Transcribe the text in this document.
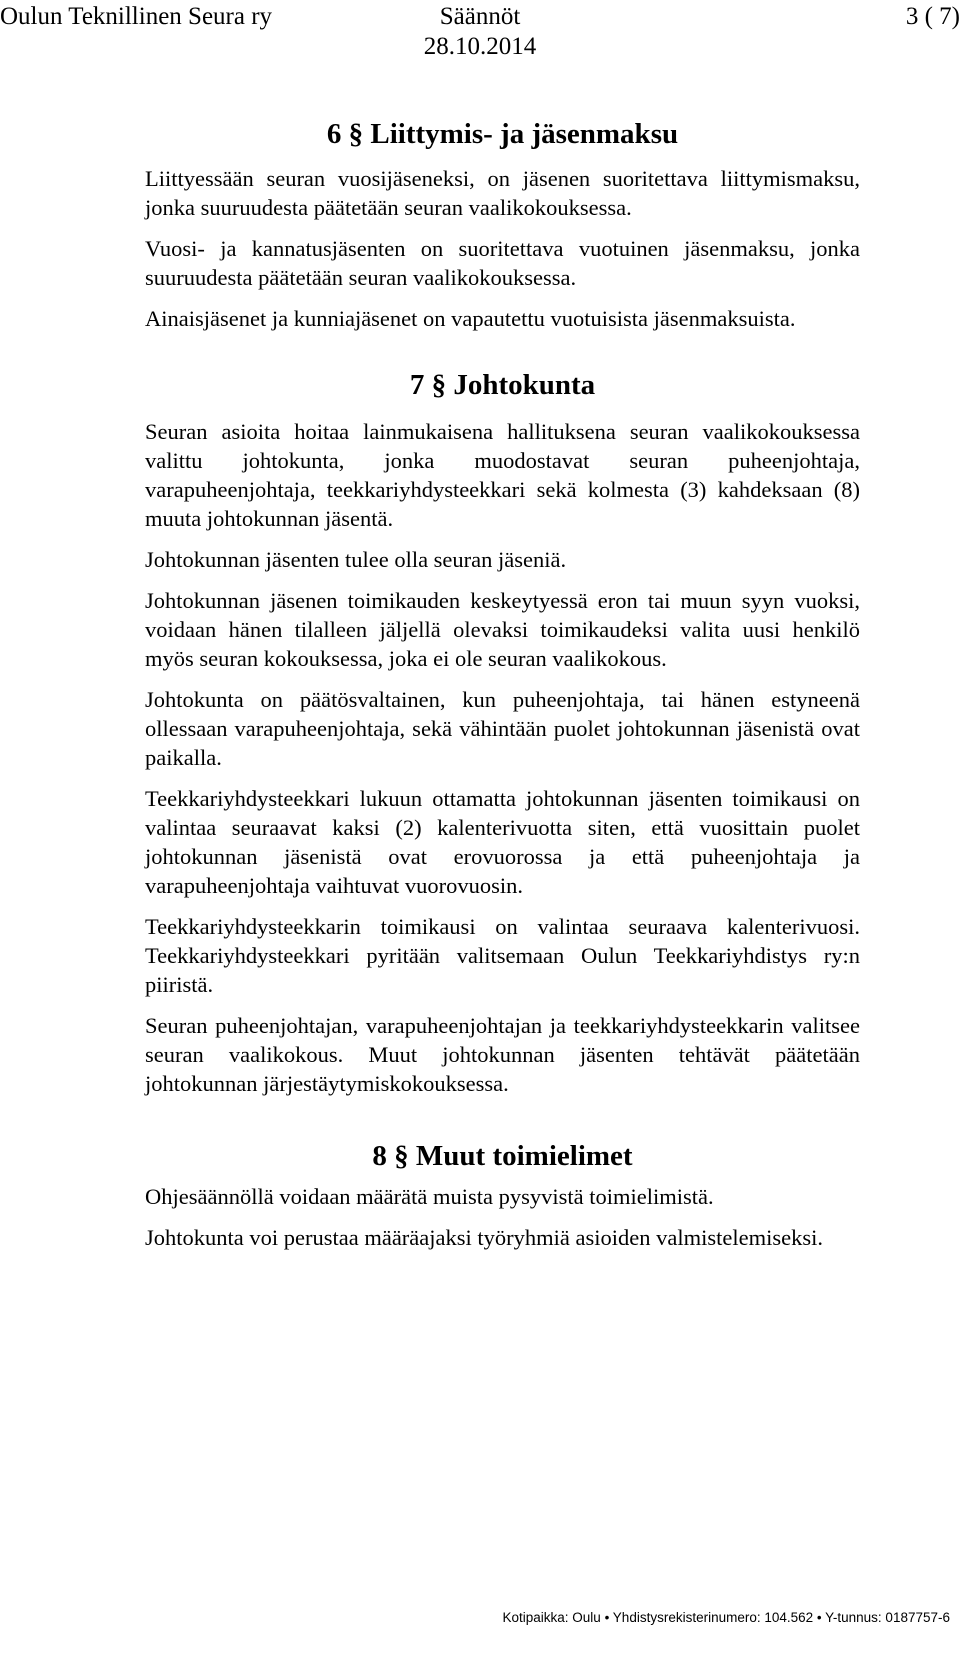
Oulun Teknillinen Seura ry	Säännöt
28.10.2014
3 ( 7)
6 § Liittymis- ja jäsenmaksu

Liittyessään seuran vuosijäseneksi, on jäsenen suoritettava liittymismaksu, jonka suuruudesta päätetään seuran vaalikokouksessa.

Vuosi- ja kannatusjäsenten on suoritettava vuotuinen jäsenmaksu, jonka suuruudesta päätetään seuran vaalikokouksessa.

Ainaisjäsenet ja kunniajäsenet on vapautettu vuotuisista jäsenmaksuista.

7 § Johtokunta

Seuran asioita hoitaa lainmukaisena hallituksena seuran vaalikokouksessa valittu johtokunta, jonka muodostavat seuran puheenjohtaja, varapuheenjohtaja, teekkariyhdysteekkari sekä kolmesta (3) kahdeksaan (8) muuta johtokunnan jäsentä.

Johtokunnan jäsenten tulee olla seuran jäseniä.

Johtokunnan jäsenen toimikauden keskeytyessä eron tai muun syyn vuoksi, voidaan hänen tilalleen jäljellä olevaksi toimikaudeksi valita uusi henkilö myös seuran kokouksessa, joka ei ole seuran vaalikokous.

Johtokunta on päätösvaltainen, kun puheenjohtaja, tai hänen estyneenä ollessaan varapuheenjohtaja, sekä vähintään puolet johtokunnan jäsenistä ovat paikalla.

Teekkariyhdysteekkari lukuun ottamatta johtokunnan jäsenten toimikausi on valintaa seuraavat kaksi (2) kalenterivuotta siten, että vuosittain puolet johtokunnan jäsenistä ovat erovuorossa ja että puheenjohtaja ja varapuheenjohtaja vaihtuvat vuorovuosin.

Teekkariyhdysteekkarin toimikausi on valintaa seuraava kalenterivuosi. Teekkariyhdysteekkari pyritään valitsemaan Oulun Teekkariyhdistys ry:n piiristä.

Seuran puheenjohtajan, varapuheenjohtajan ja teekkariyhdysteekkarin valitsee seuran vaalikokous. Muut johtokunnan jäsenten tehtävät päätetään johtokunnan järjestäytymiskokouksessa.

8 § Muut toimielimet

Ohjesäännöllä voidaan määrätä muista pysyvistä toimielimistä.

Johtokunta voi perustaa määräajaksi työryhmiä asioiden valmistelemiseksi.

Kotipaikka: Oulu • Yhdistysrekisterinumero: 104.562 • Y-tunnus: 0187757-6
